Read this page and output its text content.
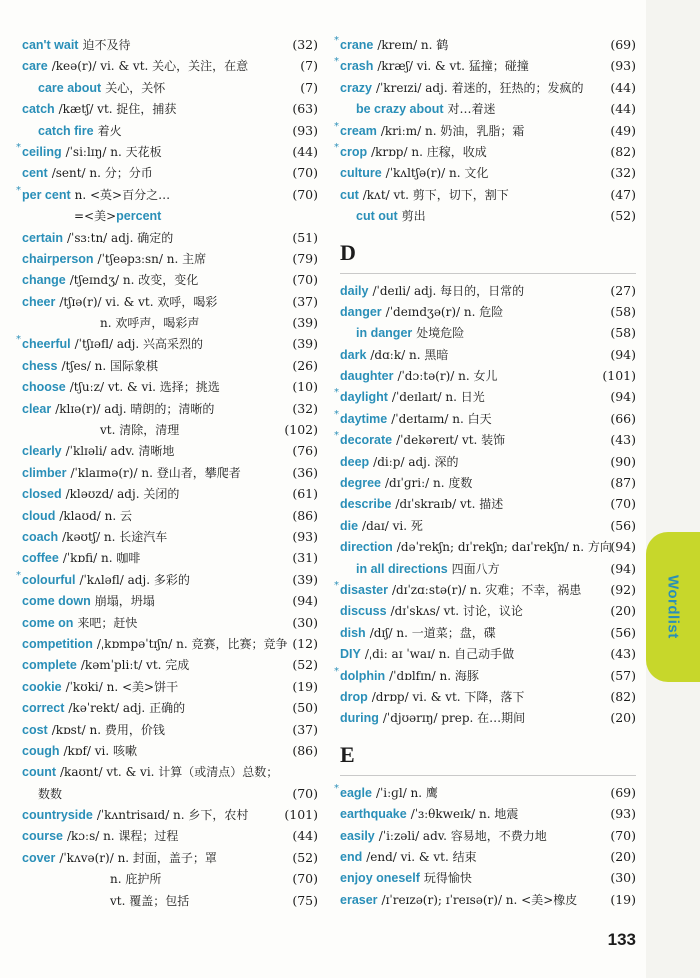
can't wait 迫不及待	(32)
care /keə(r)/ vi. & vt. 关心，关注，在意	(7)
care about 关心，关怀	(7)
catch /kætʃ/ vt. 捉住，捕获	(63)
catch fire 着火	(93)
* ceiling /ˈsiːlɪŋ/ n. 天花板	(44)
cent /sent/ n. 分；分币	(70)
* per cent n. <英>百分之…	(70)
=<美>percent
certain /ˈsɜːtn/ adj. 确定的	(51)
chairperson /ˈtʃeəpɜːsn/ n. 主席	(79)
change /tʃeɪndʒ/ n. 改变，变化	(70)
cheer /tʃɪə(r)/ vi. & vt. 欢呼，喝彩	(37)
n. 欢呼声，喝彩声	(39)
* cheerful /ˈtʃɪəfl/ adj. 兴高采烈的	(39)
chess /tʃes/ n. 国际象棋	(26)
choose /tʃuːz/ vt. & vi. 选择；挑选	(10)
clear /klɪə(r)/ adj. 晴朗的；清晰的	(32)
vt. 清除，清理	(102)
clearly /ˈklɪəli/ adv. 清晰地	(76)
climber /ˈklaɪmə(r)/ n. 登山者，攀爬者	(36)
closed /kləʊzd/ adj. 关闭的	(61)
cloud /klaʊd/ n. 云	(86)
coach /kəʊtʃ/ n. 长途汽车	(93)
coffee /ˈkɒfi/ n. 咖啡	(31)
* colourful /ˈkʌləfl/ adj. 多彩的	(39)
come down 崩塌，坍塌	(94)
come on 来吧；赶快	(30)
competition /ˌkɒmpəˈtɪʃn/ n. 竞赛，比赛；竞争 (12)
complete /kəmˈpliːt/ vt. 完成	(52)
cookie /ˈkʊki/ n. <美>饼干	(19)
correct /kəˈrekt/ adj. 正确的	(50)
cost /kɒst/ n. 费用，价钱	(37)
cough /kɒf/ vi. 咳嗽	(86)
count /kaʊnt/ vt. & vi. 计算（或清点）总数；
数数	(70)
countryside /ˈkʌntrisaɪd/ n. 乡下，农村	(101)
course /kɔːs/ n. 课程；过程	(44)
cover /ˈkʌvə(r)/ n. 封面，盖子；罩	(52)
n. 庇护所	(70)
vt. 覆盖；包括	(75)
* crane /kreɪn/ n. 鹤	(69)
* crash /kræʃ/ vi. & vt. 猛撞；碰撞	(93)
crazy /ˈkreɪzi/ adj. 着迷的，狂热的；发疯的 (44)
be crazy about 对…着迷	(44)
* cream /kriːm/ n. 奶油，乳脂；霜	(49)
* crop /krɒp/ n. 庄稼，收成	(82)
culture /ˈkʌltʃə(r)/ n. 文化	(32)
cut /kʌt/ vt. 剪下，切下，割下	(47)
cut out 剪出	(52)
D
daily /ˈdeɪli/ adj. 每日的，日常的	(27)
danger /ˈdeɪndʒə(r)/ n. 危险	(58)
in danger 处境危险	(58)
dark /dɑːk/ n. 黑暗	(94)
daughter /ˈdɔːtə(r)/ n. 女儿	(101)
* daylight /ˈdeɪlaɪt/ n. 日光	(94)
* daytime /ˈdeɪtaɪm/ n. 白天	(66)
* decorate /ˈdekəreɪt/ vt. 装饰	(43)
deep /diːp/ adj. 深的	(90)
degree /dɪˈɡriː/ n. 度数	(87)
describe /dɪˈskraɪb/ vt. 描述	(70)
die /daɪ/ vi. 死	(56)
direction /dəˈrekʃn; dɪˈrekʃn; daɪˈrekʃn/ n. 方向
(94)
in all directions 四面八方	(94)
* disaster /dɪˈzɑːstə(r)/ n. 灾难；不幸，祸患 (92)
discuss /dɪˈskʌs/ vt. 讨论，议论	(20)
dish /dɪʃ/ n. 一道菜；盘，碟	(56)
DIY /ˌdiː aɪ ˈwaɪ/ n. 自己动手做	(43)
* dolphin /ˈdɒlfɪn/ n. 海豚	(57)
drop /drɒp/ vi. & vt. 下降，落下	(82)
during /ˈdjʊərɪŋ/ prep. 在…期间	(20)
E
* eagle /ˈiːɡl/ n. 鹰	(69)
earthquake /ˈɜːθkweɪk/ n. 地震	(93)
easily /ˈiːzəli/ adv. 容易地，不费力地	(70)
end /end/ vi. & vt. 结束	(20)
enjoy oneself 玩得愉快	(30)
eraser /ɪˈreɪzə(r); ɪˈreɪsə(r)/ n. <美>橡皮	(19)
Wordlist
133
